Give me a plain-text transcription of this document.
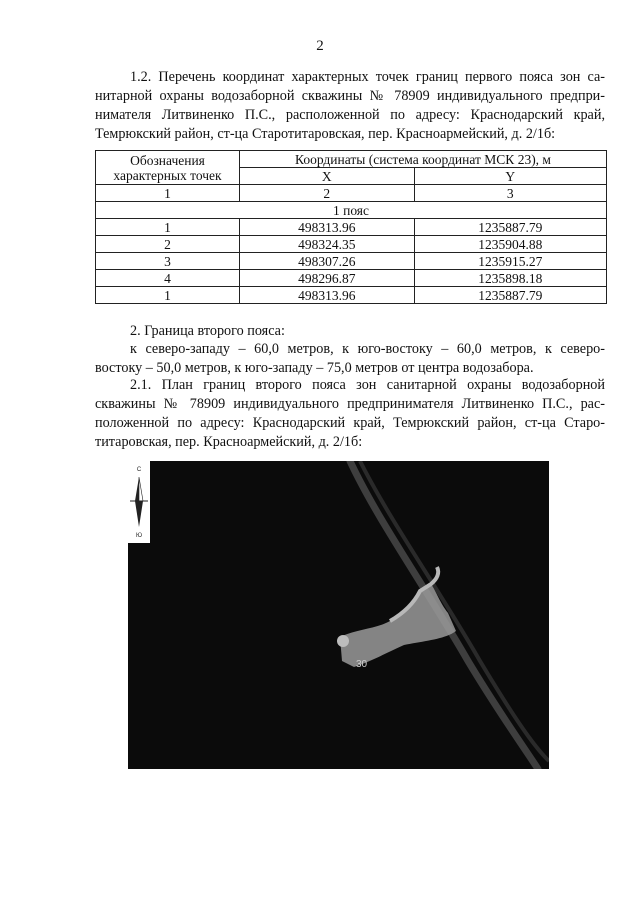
2

1.2. Перечень координат характерных точек границ первого пояса зон са-
нитарной охраны водозаборной скважины № 78909 индивидуального предпри-
нимателя Литвиненко П.С., расположенной по адресу: Краснодарский край,
Темрюкский район, ст-ца Старотитаровская, пер. Красноармейский, д. 2/1б:

Обозначения характерных точек	Координаты (система координат МСК 23), м	
	X	Y
1	2	3
1 пояс		
1	498313.96	1235887.79
2	498324.35	1235904.88
3	498307.26	1235915.27
4	498296.87	1235898.18
1	498313.96	1235887.79

2. Граница второго пояса:

к северо-западу – 60,0 метров, к юго-востоку – 60,0 метров, к северо-
востоку – 50,0 метров, к юго-западу – 75,0 метров от центра водозабора.

2.1. План границ второго пояса зон санитарной охраны водозаборной
скважины № 78909 индивидуального предпринимателя Литвиненко П.С., рас-
положенной по адресу: Краснодарский край, Темрюкский район, ст-ца Старо-
титаровская, пер. Красноармейский, д. 2/1б:

С
Ю
30
